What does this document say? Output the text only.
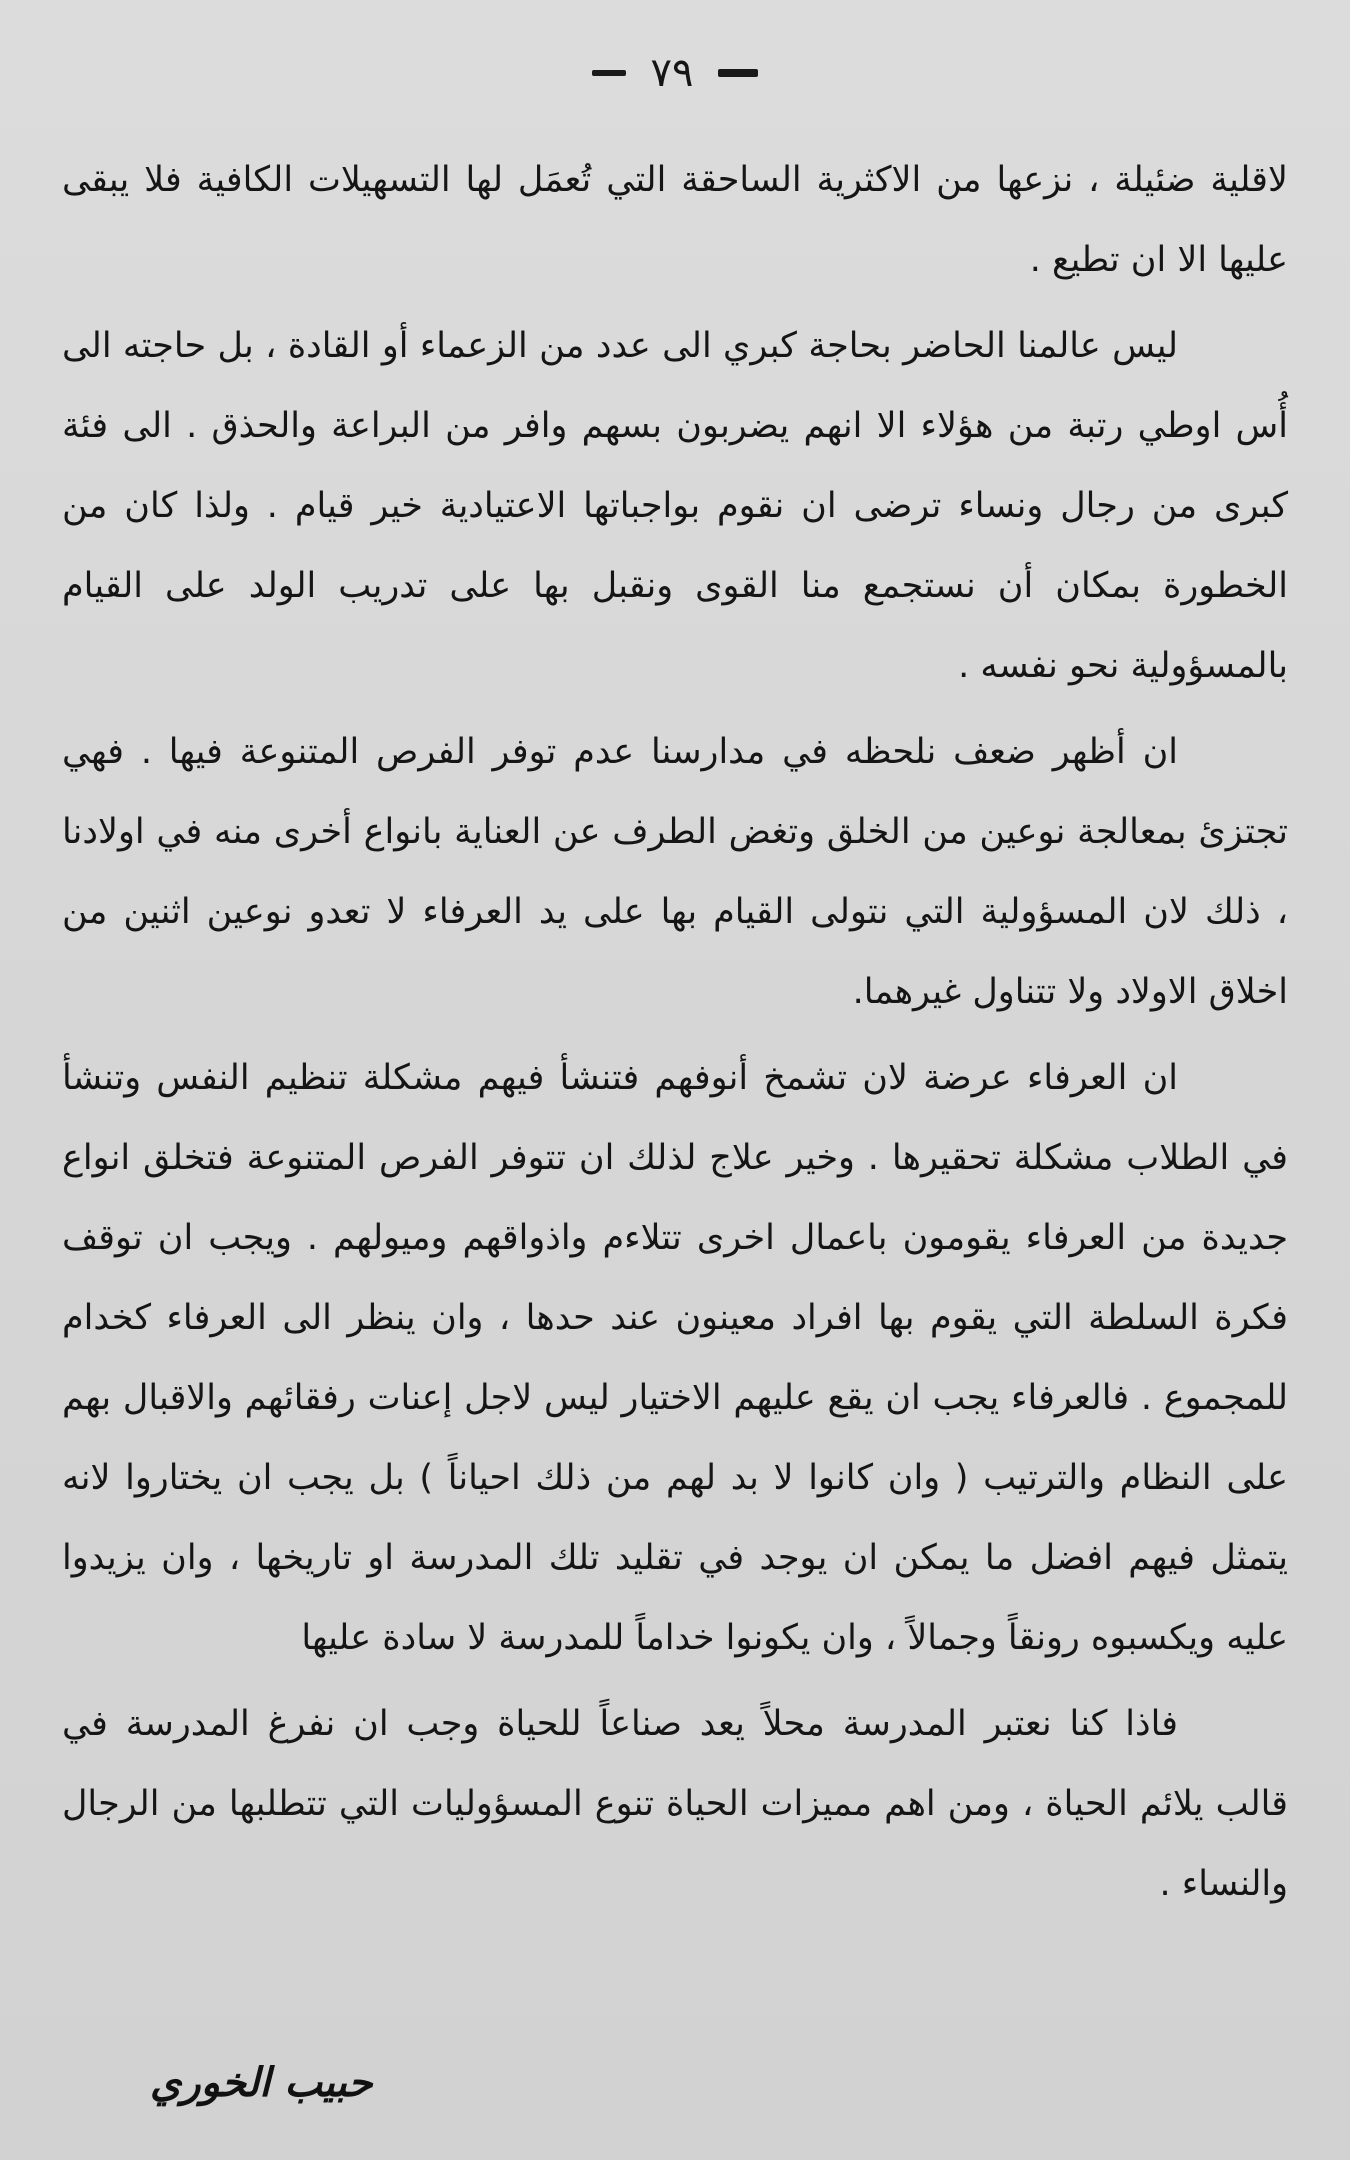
٧٩

لاقلية ضئيلة ، نزعها من الاكثرية الساحقة التي تُعمَل لها التسهيلات الكافية فلا يبقى عليها الا ان تطيع .

ليس عالمنا الحاضر بحاجة كبري الى عدد من الزعماء أو القادة ، بل حاجته الى أُس اوطي رتبة من هؤلاء الا انهم يضربون بسهم وافر من البراعة والحذق . الى فئة كبرى من رجال ونساء ترضى ان نقوم بواجباتها الاعتيادية خير قيام . ولذا كان من الخطورة بمكان أن نستجمع منا القوى ونقبل بها على تدريب الولد على القيام بالمسؤولية نحو نفسه .

ان أظهر ضعف نلحظه في مدارسنا عدم توفر الفرص المتنوعة فيها . فهي تجتزئ بمعالجة نوعين من الخلق وتغض الطرف عن العناية بانواع أخرى منه في اولادنا ، ذلك لان المسؤولية التي نتولى القيام بها على يد العرفاء لا تعدو نوعين اثنين من اخلاق الاولاد ولا تتناول غيرهما.

ان العرفاء عرضة لان تشمخ أنوفهم فتنشأ فيهم مشكلة تنظيم النفس وتنشأ في الطلاب مشكلة تحقيرها . وخير علاج لذلك ان تتوفر الفرص المتنوعة فتخلق انواع جديدة من العرفاء يقومون باعمال اخرى تتلاءم واذواقهم وميولهم . ويجب ان توقف فكرة السلطة التي يقوم بها افراد معينون عند حدها ، وان ينظر الى العرفاء كخدام للمجموع . فالعرفاء يجب ان يقع عليهم الاختيار ليس لاجل إعنات رفقائهم والاقبال بهم على النظام والترتيب ( وان كانوا لا بد لهم من ذلك احياناً ) بل يجب ان يختاروا لانه يتمثل فيهم افضل ما يمكن ان يوجد في تقليد تلك المدرسة او تاريخها ، وان يزيدوا عليه ويكسبوه رونقاً وجمالاً ، وان يكونوا خداماً للمدرسة لا سادة عليها

فاذا كنا نعتبر المدرسة محلاً يعد صناعاً للحياة وجب ان نفرغ المدرسة في قالب يلائم الحياة ، ومن اهم مميزات الحياة تنوع المسؤوليات التي تتطلبها من الرجال والنساء .

حبيب الخوري
